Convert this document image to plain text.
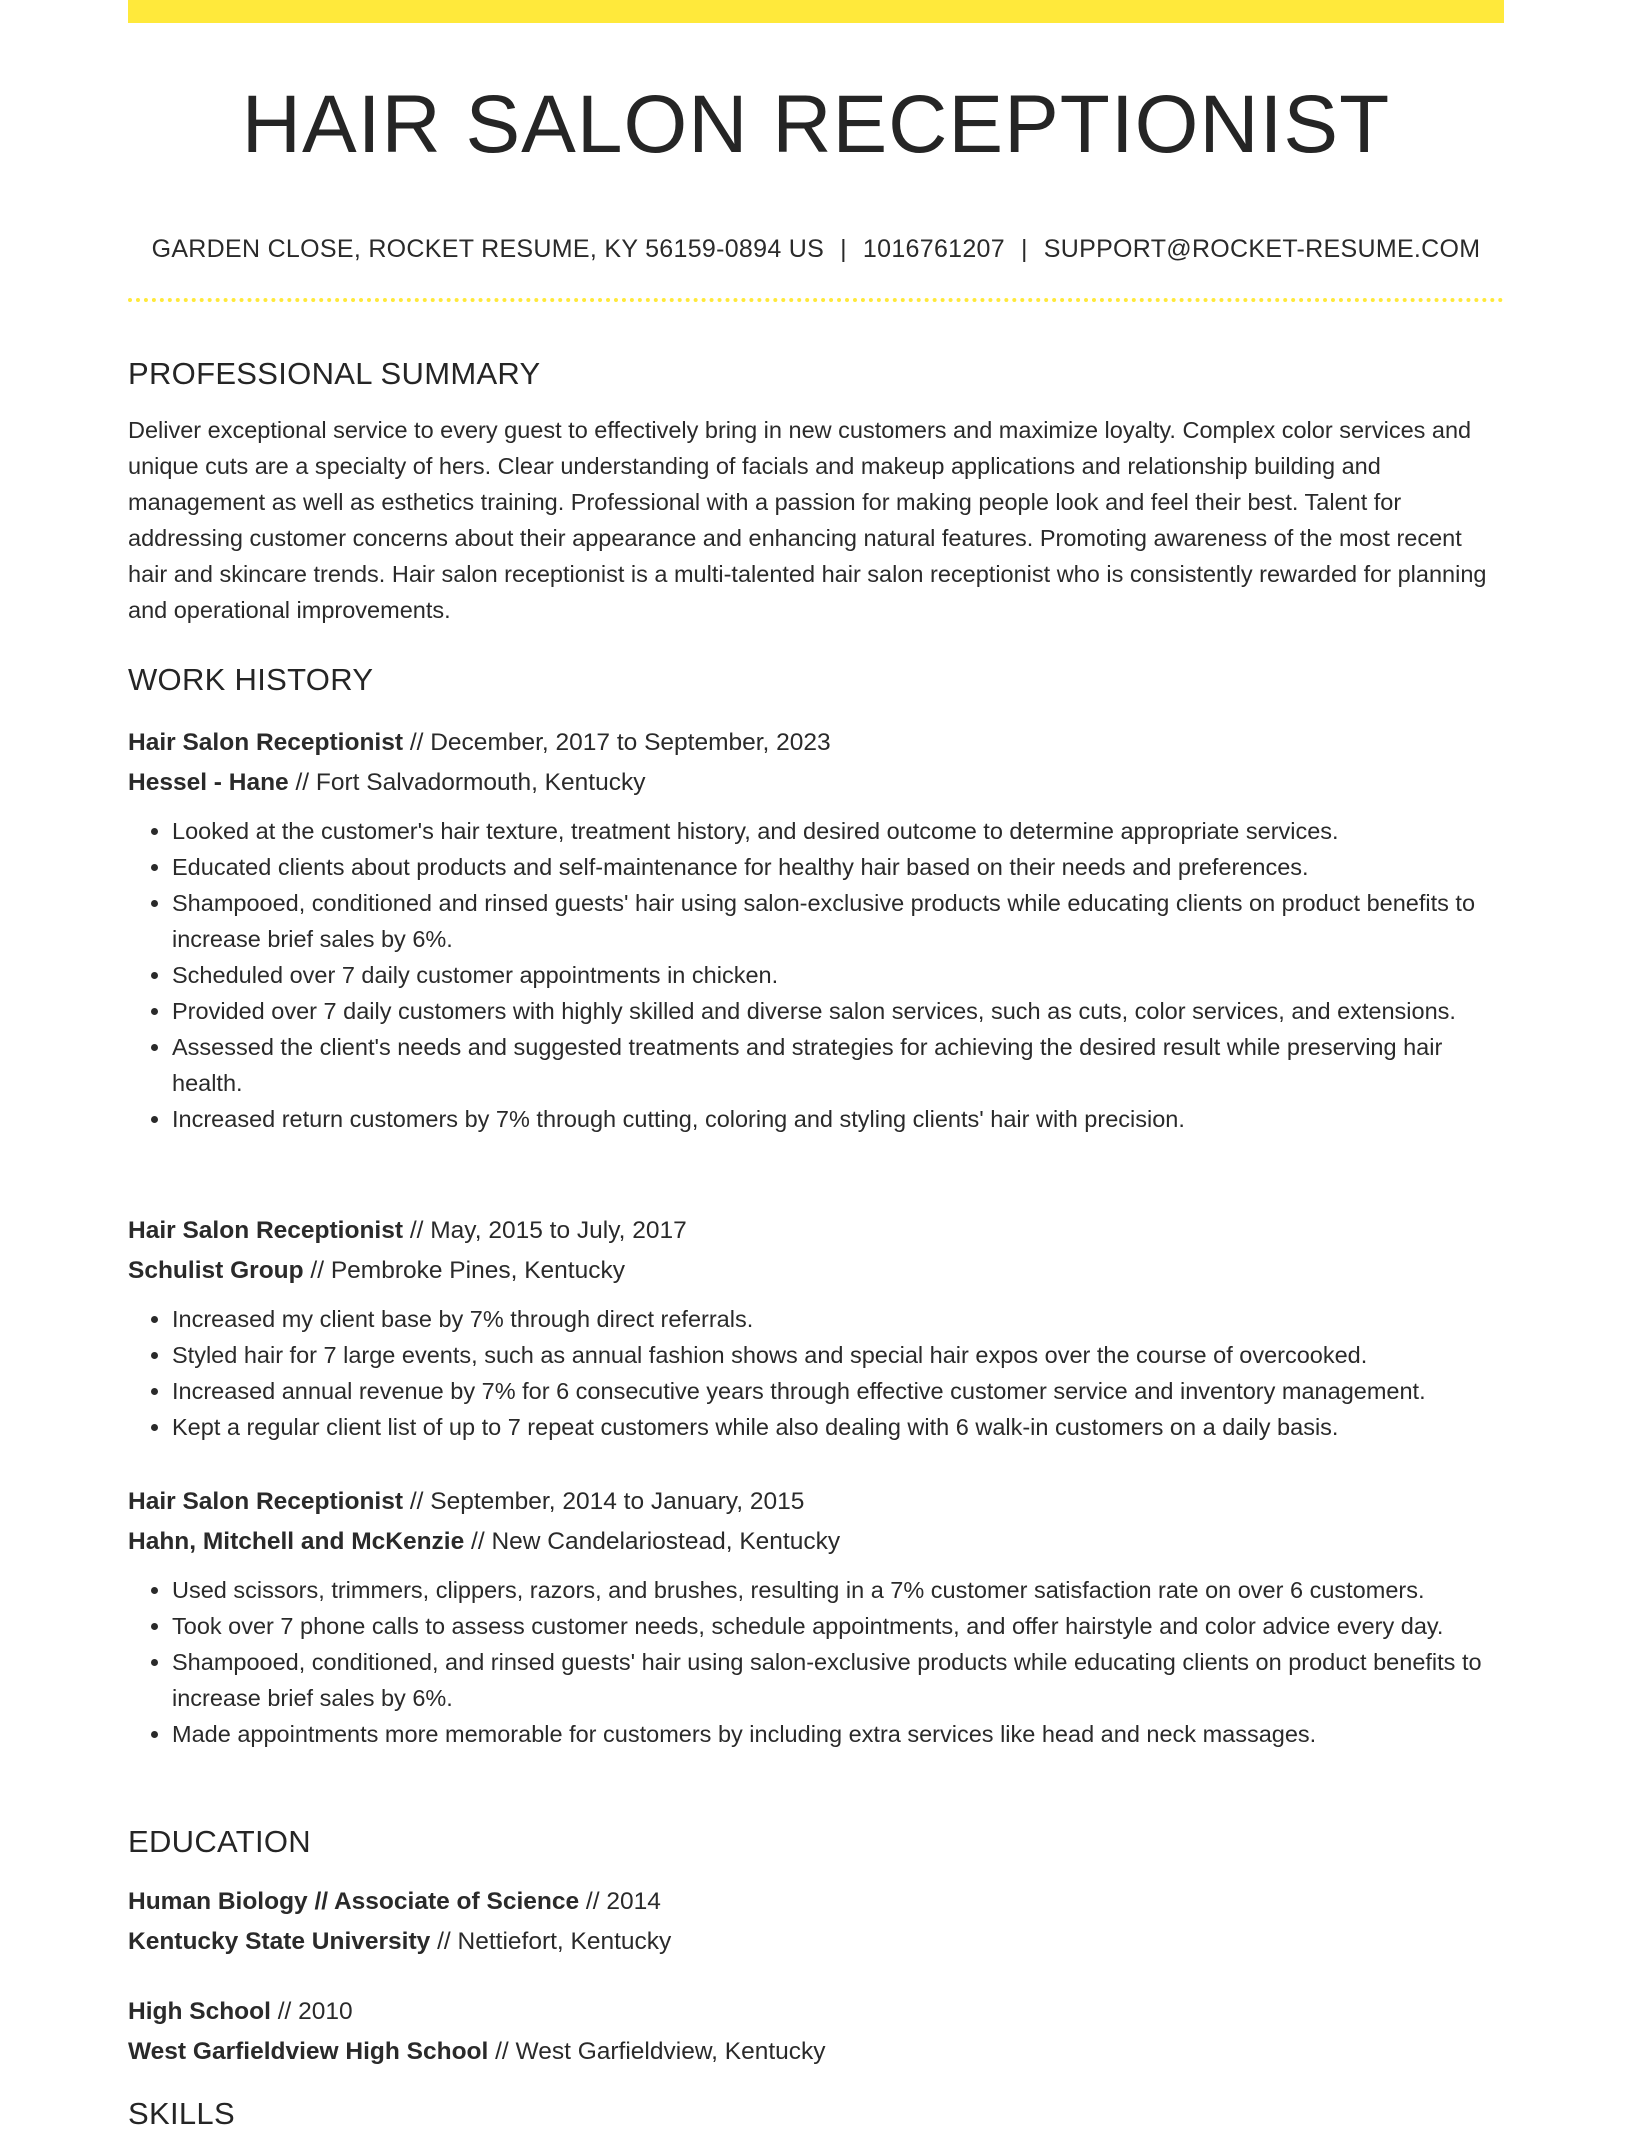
HAIR SALON RECEPTIONIST
GARDEN CLOSE, ROCKET RESUME, KY 56159-0894 US | 1016761207 | SUPPORT@ROCKET-RESUME.COM
PROFESSIONAL SUMMARY

Deliver exceptional service to every guest to effectively bring in new customers and maximize loyalty. Complex color services and unique cuts are a specialty of hers. Clear understanding of facials and makeup applications and relationship building and management as well as esthetics training. Professional with a passion for making people look and feel their best. Talent for addressing customer concerns about their appearance and enhancing natural features. Promoting awareness of the most recent hair and skincare trends. Hair salon receptionist is a multi-talented hair salon receptionist who is consistently rewarded for planning and operational improvements.

WORK HISTORY
Hair Salon Receptionist // December, 2017 to September, 2023
Hessel - Hane // Fort Salvadormouth, Kentucky
• Looked at the customer's hair texture, treatment history, and desired outcome to determine appropriate services.
• Educated clients about products and self-maintenance for healthy hair based on their needs and preferences.
• Shampooed, conditioned and rinsed guests' hair using salon-exclusive products while educating clients on product benefits to increase brief sales by 6%.
• Scheduled over 7 daily customer appointments in chicken.
• Provided over 7 daily customers with highly skilled and diverse salon services, such as cuts, color services, and extensions.
• Assessed the client's needs and suggested treatments and strategies for achieving the desired result while preserving hair health.
• Increased return customers by 7% through cutting, coloring and styling clients' hair with precision.
Hair Salon Receptionist // May, 2015 to July, 2017
Schulist Group // Pembroke Pines, Kentucky
• Increased my client base by 7% through direct referrals.
• Styled hair for 7 large events, such as annual fashion shows and special hair expos over the course of overcooked.
• Increased annual revenue by 7% for 6 consecutive years through effective customer service and inventory management.
• Kept a regular client list of up to 7 repeat customers while also dealing with 6 walk-in customers on a daily basis.
Hair Salon Receptionist // September, 2014 to January, 2015
Hahn, Mitchell and McKenzie // New Candelariostead, Kentucky
• Used scissors, trimmers, clippers, razors, and brushes, resulting in a 7% customer satisfaction rate on over 6 customers.
• Took over 7 phone calls to assess customer needs, schedule appointments, and offer hairstyle and color advice every day.
• Shampooed, conditioned, and rinsed guests' hair using salon-exclusive products while educating clients on product benefits to increase brief sales by 6%.
• Made appointments more memorable for customers by including extra services like head and neck massages.
EDUCATION
Human Biology // Associate of Science // 2014
Kentucky State University // Nettiefort, Kentucky
High School // 2010
West Garfieldview High School // West Garfieldview, Kentucky
SKILLS
